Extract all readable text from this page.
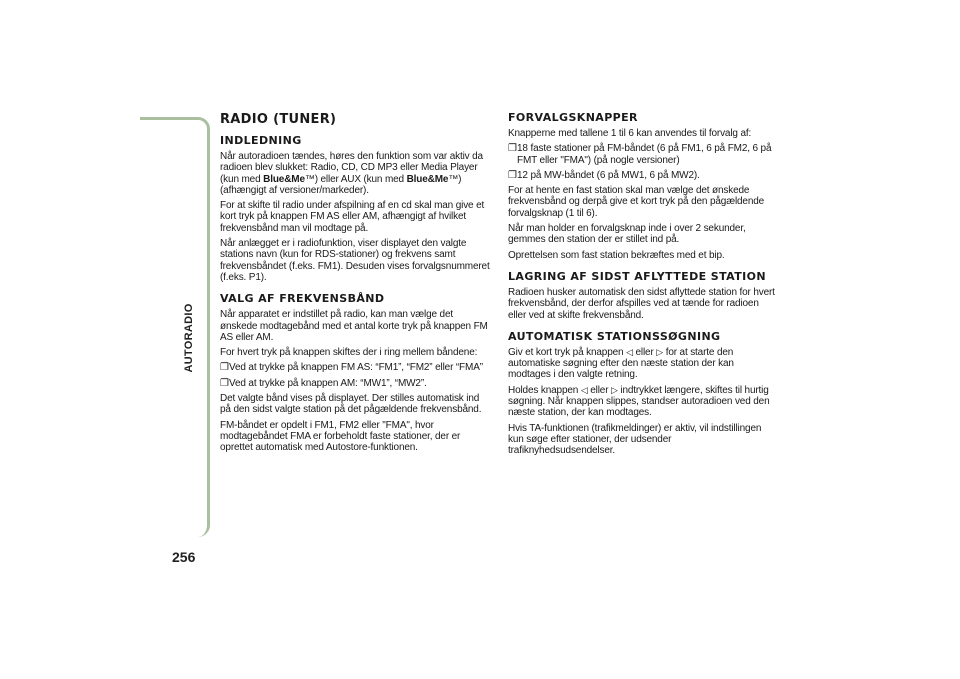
AUTORADIO
256
RADIO (TUNER)
INDLEDNING

Når autoradioen tændes, høres den funktion som var aktiv da radioen blev slukket: Radio, CD, CD MP3 eller Media Player (kun med Blue&Me™) eller AUX (kun med Blue&Me™) (afhængigt af versioner/markeder).

For at skifte til radio under afspilning af en cd skal man give et kort tryk på knappen FM AS eller AM, afhængigt af hvilket frekvensbånd man vil modtage på.

Når anlægget er i radiofunktion, viser displayet den valgte stations navn (kun for RDS-stationer) og frekvens samt frekvensbåndet (f.eks. FM1). Desuden vises forvalgsnummeret (f.eks. P1).

VALG AF FREKVENSBÅND

Når apparatet er indstillet på radio, kan man vælge det ønskede modtagebånd med et antal korte tryk på knappen FM AS eller AM.

For hvert tryk på knappen skiftes der i ring mellem båndene:

❐Ved at trykke på knappen FM AS: “FM1”, “FM2” eller “FMA”

❐Ved at trykke på knappen AM: “MW1”, “MW2”.

Det valgte bånd vises på displayet. Der stilles automatisk ind på den sidst valgte station på det pågældende frekvensbånd.

FM-båndet er opdelt i FM1, FM2 eller "FMA", hvor modtagebåndet FMA er forbeholdt faste stationer, der er oprettet automatisk med Autostore-funktionen.

FORVALGSKNAPPER

Knapperne med tallene 1 til 6 kan anvendes til forvalg af:

❐18 faste stationer på FM-båndet (6 på FM1, 6 på FM2, 6 på FMT eller "FMA") (på nogle versioner)

❐12 på MW-båndet (6 på MW1, 6 på MW2).

For at hente en fast station skal man vælge det ønskede frekvensbånd og derpå give et kort tryk på den pågældende forvalgsknap (1 til 6).

Når man holder en forvalgsknap inde i over 2 sekunder, gemmes den station der er stillet ind på.

Oprettelsen som fast station bekræftes med et bip.

LAGRING AF SIDST AFLYTTEDE STATION

Radioen husker automatisk den sidst aflyttede station for hvert frekvensbånd, der derfor afspilles ved at tænde for radioen eller ved at skifte frekvensbånd.

AUTOMATISK STATIONSSØGNING

Giv et kort tryk på knappen ◁ eller ▷ for at starte den automatiske søgning efter den næste station der kan modtages i den valgte retning.

Holdes knappen ◁ eller ▷ indtrykket længere, skiftes til hurtig søgning. Når knappen slippes, standser autoradioen ved den næste station, der kan modtages.

Hvis TA-funktionen (trafikmeldinger) er aktiv, vil indstillingen kun søge efter stationer, der udsender trafiknyhedsudsendelser.
